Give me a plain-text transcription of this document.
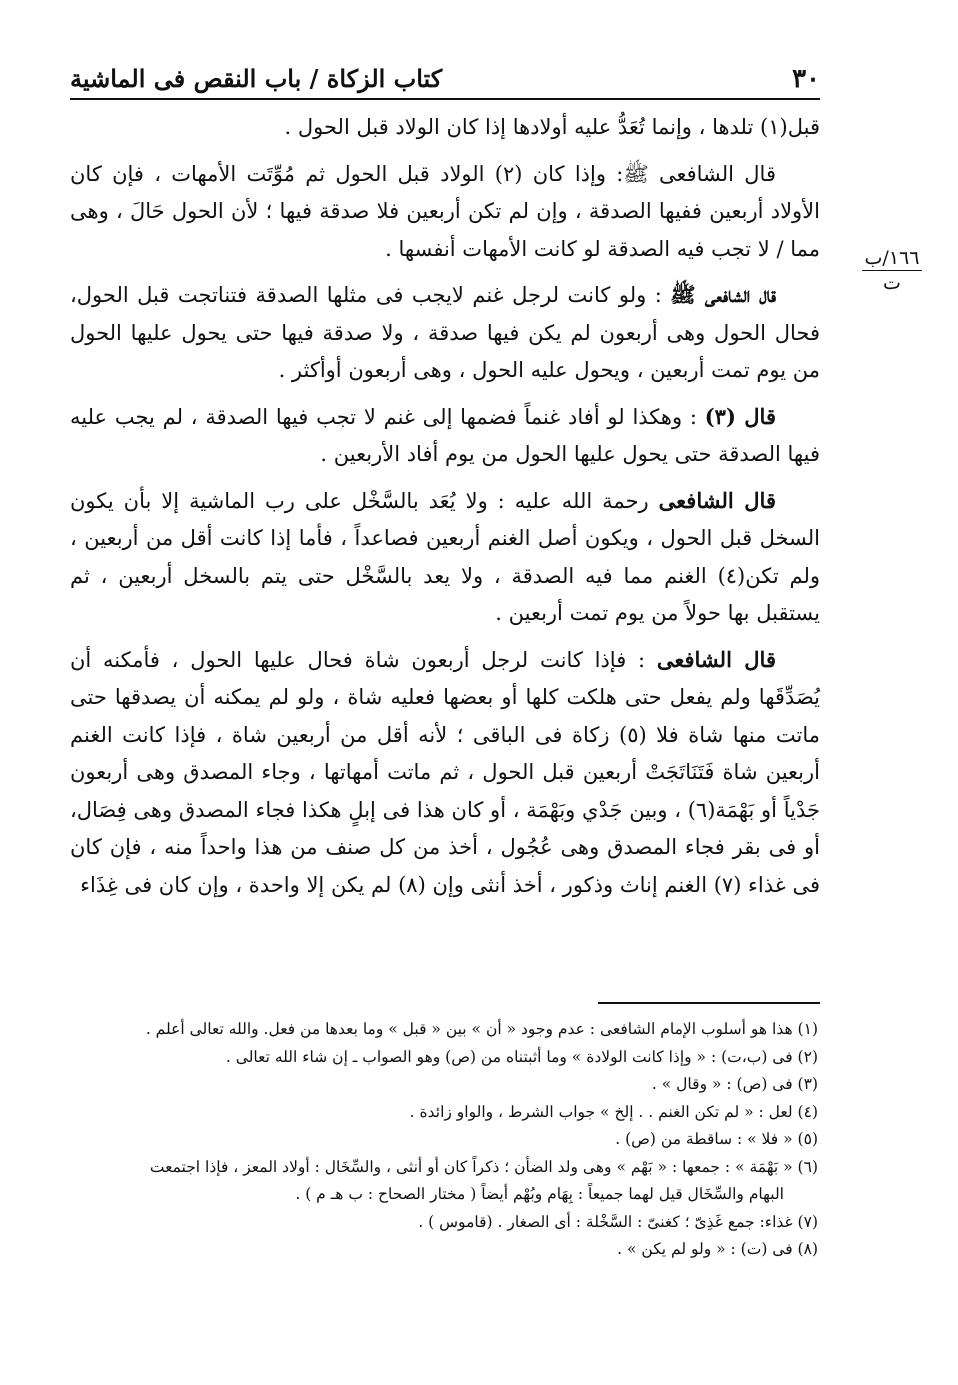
٣٠
كتاب الزكاة / باب النقص فى الماشية
١٦٦/ب
ت

قبل(١) تلدها ، وإنما تُعَدُّ عليه أولادها إذا كان الولاد قبل الحول .

قال الشافعى ﷺ: وإذا كان (٢) الولاد قبل الحول ثم مُوِّتَت الأمهات ، فإن كان الأولاد أربعين ففيها الصدقة ، وإن لم تكن أربعين فلا صدقة فيها ؛ لأن الحول حَالَ ، وهى مما / لا تجب فيه الصدقة لو كانت الأمهات أنفسها .

قال الشافعى ﷺ : ولو كانت لرجل غنم لايجب فى مثلها الصدقة فتناتجت قبل الحول، فحال الحول وهى أربعون لم يكن فيها صدقة ، ولا صدقة فيها حتى يحول عليها الحول من يوم تمت أربعين ، ويحول عليه الحول ، وهى أربعون أوأكثر .

قال (٣) : وهكذا لو أفاد غنماً فضمها إلى غنم لا تجب فيها الصدقة ، لم يجب عليه فيها الصدقة حتى يحول عليها الحول من يوم أفاد الأربعين .

قال الشافعى رحمة الله عليه : ولا يُعَد بالسَّخْل على رب الماشية إلا بأن يكون السخل قبل الحول ، ويكون أصل الغنم أربعين فصاعداً ، فأما إذا كانت أقل من أربعين ، ولم تكن(٤) الغنم مما فيه الصدقة ، ولا يعد بالسَّخْل حتى يتم بالسخل أربعين ، ثم يستقبل بها حولاً من يوم تمت أربعين .

قال الشافعى : فإذا كانت لرجل أربعون شاة فحال عليها الحول ، فأمكنه أن يُصَدِّقَها ولم يفعل حتى هلكت كلها أو بعضها فعليه شاة ، ولو لم يمكنه أن يصدقها حتى ماتت منها شاة فلا (٥) زكاة فى الباقى ؛ لأنه أقل من أربعين شاة ، فإذا كانت الغنم أربعين شاة فَتَنَاتَجَتْ أربعين قبل الحول ، ثم ماتت أمهاتها ، وجاء المصدق وهى أربعون جَدْياً أو بَهْمَة(٦) ، وبين جَدْي وبَهْمَة ، أو كان هذا فى إبلٍ هكذا فجاء المصدق وهى فِصَال، أو فى بقر فجاء المصدق وهى عُجُول ، أخذ من كل صنف من هذا واحداً منه ، فإن كان فى غذاء (٧) الغنم إناث وذكور ، أخذ أنثى وإن (٨) لم يكن إلا واحدة ، وإن كان فى غِذَاء

(١) هذا هو أسلوب الإمام الشافعى : عدم وجود « أن » بين « قبل » وما بعدها من فعل. والله تعالى أعلم .

(٢) فى (ب،ت) : « وإذا كانت الولادة » وما أثبتناه من (ص) وهو الصواب ـ إن شاء الله تعالى .

(٣) فى (ص) : « وقال » .

(٤) لعل : « لم تكن الغنم . . إلخ » جواب الشرط ، والواو زائدة .

(٥) « فلا » : ساقطة من (ص) .

(٦) « بَهْمَة » : جمعها : « بَهْم » وهى ولد الضأن ؛ ذكراً كان أو أنثى ، والسِّخَال : أولاد المعز ، فإذا اجتمعت

البهام والسِّخَال قيل لهما جميعاً : بِهَام وبُهْم أيضاً ( مختار الصحاح : ب هـ م ) .

(٧) غذاء: جمع غَذِىّ ؛ كغنىّ : السَّخْلة : أى الصغار . (قاموس ) .

(٨) فى (ت) : « ولو لم يكن » .
